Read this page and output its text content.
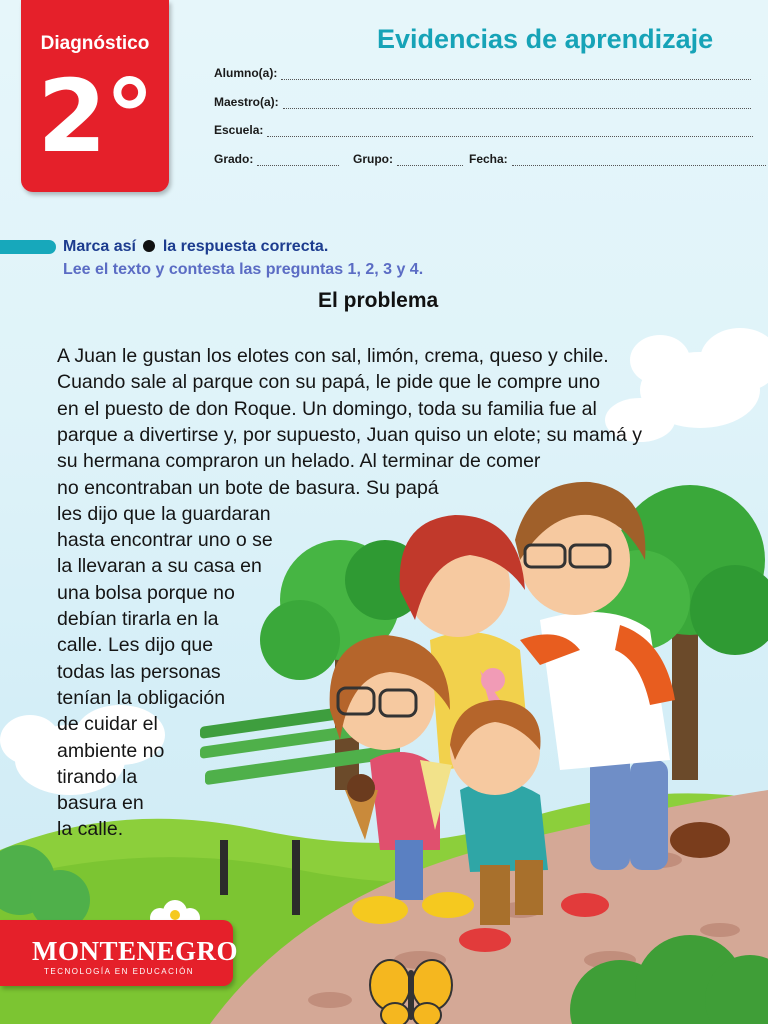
Diagnóstico
2°
Evidencias de aprendizaje
Alumno(a):
Maestro(a):
Escuela:
Grado:	Grupo:	Fecha:
Marca así la respuesta correcta.
Lee el texto y contesta las preguntas 1, 2, 3 y 4.
El problema
A Juan le gustan los elotes con sal, limón, crema, queso y chile.
Cuando sale al parque con su papá, le pide que le compre uno
en el puesto de don Roque. Un domingo, toda su familia fue al
parque a divertirse y, por supuesto, Juan quiso un elote; su mamá y
su hermana compraron un helado. Al terminar de comer
no encontraban un bote de basura. Su papá
les dijo que la guardaran
hasta encontrar uno o se
la llevaran a su casa en
una bolsa porque no
debían tirarla en la
calle. Les dijo que
todas las personas
tenían la obligación
de cuidar el
ambiente no
tirando la
basura en
la calle.
MONTENEGRO
TECNOLOGÍA EN EDUCACIÓN
